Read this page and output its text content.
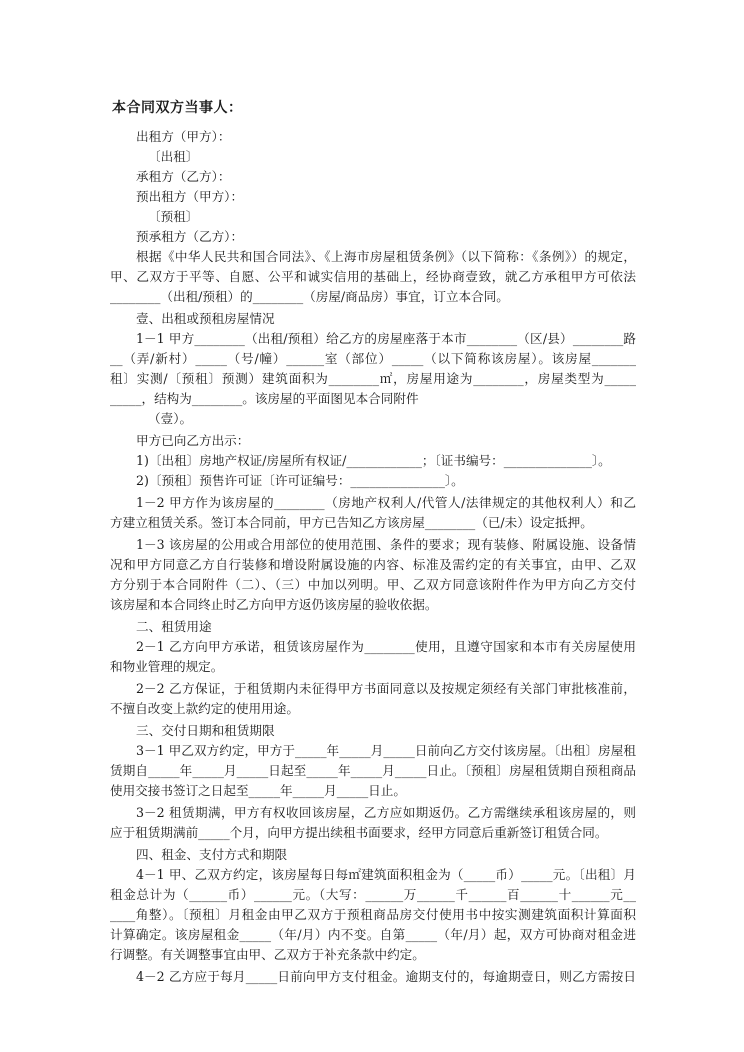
本合同双方当事人：
出租方（甲方）：
〔出租〕
承租方（乙方）：
预出租方（甲方）：
〔预租〕
预承租方（乙方）：
根据《中华人民共和国合同法》、《上海市房屋租赁条例》（以下简称：《条例》）的规定，
甲、乙双方于平等、自愿、公平和诚实信用的基础上，经协商壹致，就乙方承租甲方可依法
________（出租/预租）的________（房屋/商品房）事宜，订立本合同。
壹、出租或预租房屋情况
1－1 甲方________（出租/预租）给乙方的房屋座落于本市________（区/县）________路
__（弄/新村）_____（号/幢）______室（部位）_____（以下简称该房屋）。该房屋_______
租〕实测/〔预租〕预测）建筑面积为________㎡，房屋用途为________，房屋类型为_____
_____，结构为________。该房屋的平面图见本合同附件
（壹）。
甲方已向乙方出示：
1)〔出租〕房地产权证/房屋所有权证/____________；〔证书编号：______________〕。
2)〔预租〕预售许可证〔许可证编号：_______________〕。
1－2 甲方作为该房屋的________（房地产权利人/代管人/法律规定的其他权利人）和乙
方建立租赁关系。签订本合同前，甲方已告知乙方该房屋________（已/未）设定抵押。
1－3 该房屋的公用或合用部位的使用范围、条件的要求；现有装修、附属设施、设备情
况和甲方同意乙方自行装修和增设附属设施的内容、标准及需约定的有关事宜，由甲、乙双
方分别于本合同附件（二）、（三）中加以列明。甲、乙双方同意该附件作为甲方向乙方交付
该房屋和本合同终止时乙方向甲方返仍该房屋的验收依据。
二、租赁用途
2－1 乙方向甲方承诺，租赁该房屋作为________使用，且遵守国家和本市有关房屋使用
和物业管理的规定。
2－2 乙方保证，于租赁期内未征得甲方书面同意以及按规定须经有关部门审批核准前，
不擅自改变上款约定的使用用途。
三、交付日期和租赁期限
3－1 甲乙双方约定，甲方于_____年_____月_____日前向乙方交付该房屋。〔出租〕房屋租
赁期自_____年_____月_____日起至_____年_____月_____日止。〔预租〕房屋租赁期自预租商品
使用交接书签订之日起至_____年_____月_____日止。
3－2 租赁期满，甲方有权收回该房屋，乙方应如期返仍。乙方需继续承租该房屋的，则
应于租赁期满前_____个月，向甲方提出续租书面要求，经甲方同意后重新签订租赁合同。
四、租金、支付方式和期限
4－1 甲、乙双方约定，该房屋每日每㎡建筑面积租金为（_____币）_____元。〔出租〕月
租金总计为（______币）______元。（大写：______万______千______百______十______元__
____角整）。〔预租〕月租金由甲乙双方于预租商品房交付使用书中按实测建筑面积计算面积
计算确定。该房屋租金_____（年/月）内不变。自第_____（年/月）起，双方可协商对租金进
行调整。有关调整事宜由甲、乙双方于补充条款中约定。
4－2 乙方应于每月_____日前向甲方支付租金。逾期支付的，每逾期壹日，则乙方需按日
